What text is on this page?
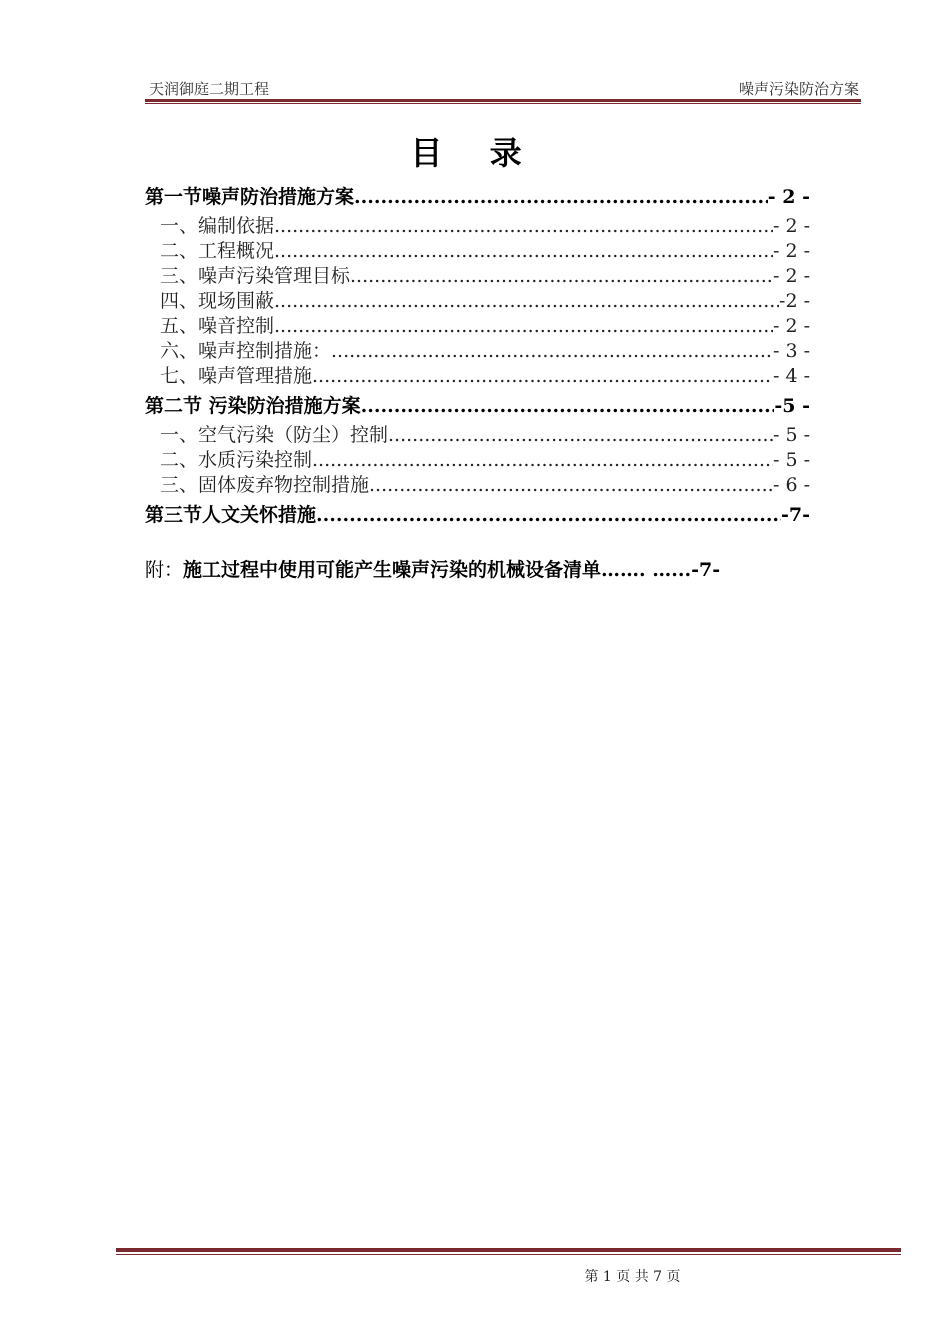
天润御庭二期工程	噪声污染防治方案
目 录
第一节噪声防治措施方案 .....	- 2 -
一、编制依据 .....	- 2 -
二、工程概况 .....	- 2 -
三、噪声污染管理目标 .....	- 2 -
四、现场围蔽 .....	-2 -
五、噪音控制 .....	- 2 -
六、噪声控制措施： .....	- 3 -
七、噪声管理措施 .....	- 4 -
第二节 污染防治措施方案 .....	-5 -
一、空气污染（防尘）控制 .....	- 5 -
二、水质污染控制 .....	- 5 -
三、固体废弃物控制措施 .....	- 6 -
第三节人文关怀措施 .....	-7-
附：施工过程中使用可能产生噪声污染的机械设备清单……. …...-7-
第 1 页 共 7 页
